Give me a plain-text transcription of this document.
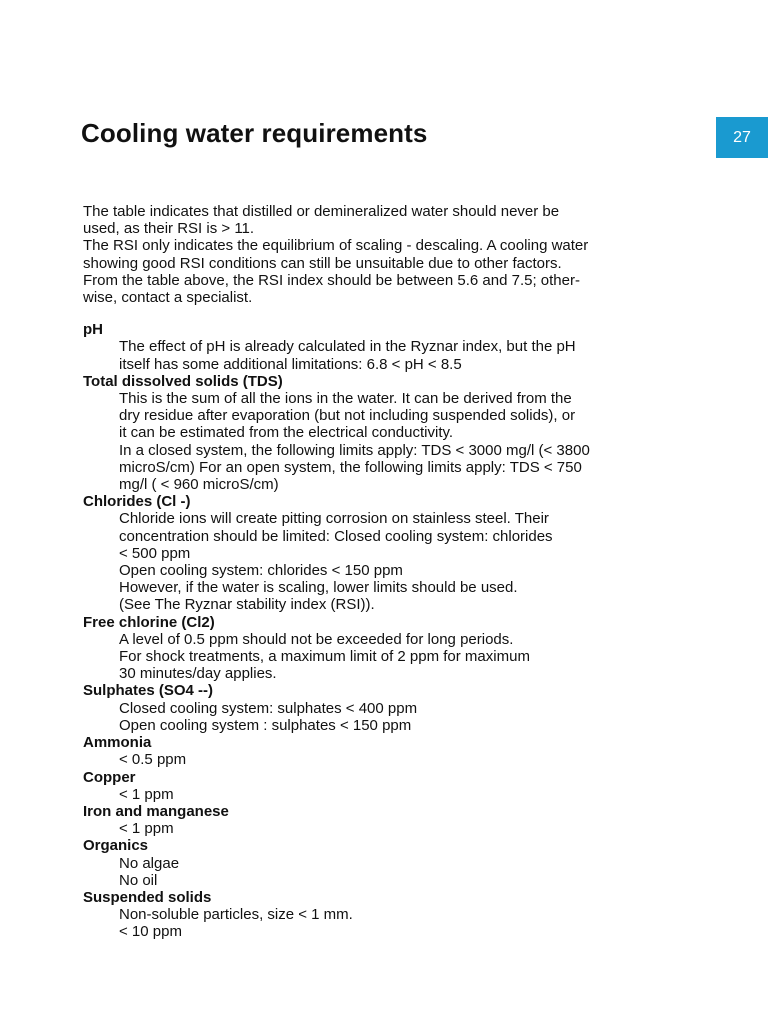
Cooling water requirements	27

The table indicates that distilled or demineralized water should never be
used, as their RSI is > 11.

The RSI only indicates the equilibrium of scaling - descaling. A cooling water
showing good RSI conditions can still be unsuitable due to other factors.
From the table above, the RSI index should be between 5.6 and 7.5; other-
wise, contact a specialist.

pH
The effect of pH is already calculated in the Ryznar index, but the pH
itself has some additional limitations: 6.8 < pH < 8.5
Total dissolved solids (TDS)
This is the sum of all the ions in the water. It can be derived from the
dry residue after evaporation (but not including suspended solids), or
it can be estimated from the electrical conductivity.
In a closed system, the following limits apply: TDS < 3000 mg/l (< 3800
microS/cm) For an open system, the following limits apply: TDS < 750
mg/l ( < 960 microS/cm)
Chlorides (Cl -)
Chloride ions will create pitting corrosion on stainless steel. Their
concentration should be limited: Closed cooling system: chlorides
< 500 ppm
Open cooling system: chlorides < 150 ppm
However, if the water is scaling, lower limits should be used.
(See The Ryznar stability index (RSI)).
Free chlorine (Cl2)
A level of 0.5 ppm should not be exceeded for long periods.
For shock treatments, a maximum limit of 2 ppm for maximum
30 minutes/day applies.
Sulphates (SO4 --)
Closed cooling system: sulphates < 400 ppm
Open cooling system : sulphates < 150 ppm
Ammonia
< 0.5 ppm
Copper
< 1 ppm
Iron and manganese
< 1 ppm
Organics
No algae
No oil
Suspended solids
Non-soluble particles, size < 1 mm.
< 10 ppm
